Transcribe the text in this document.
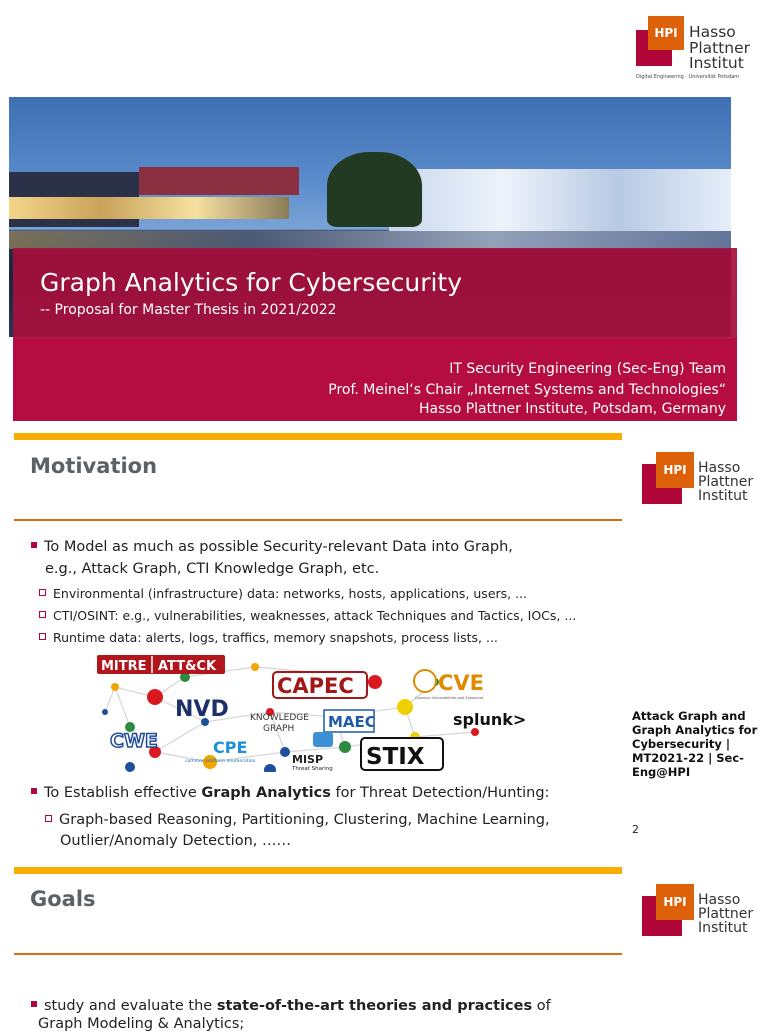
HPI Hasso
Plattner
Institut
Digital Engineering · Universität Potsdam
Graph Analytics for Cybersecurity
-- Proposal for Master Thesis in 2021/2022
IT Security Engineering (Sec-Eng) Team
Prof. Meinel‘s Chair „Internet Systems and Technologies“
Hasso Plattner Institute, Potsdam, Germany
Motivation	HPI Hasso
Plattner
Institut
To Model as much as possible Security-relevant Data into Graph,
e.g., Attack Graph, CTI Knowledge Graph, etc.
Environmental (infrastructure) data: networks, hosts, applications, users, ...
CTI/OSINT: e.g., vulnerabilities, weaknesses, attack Techniques and Tactics, IOCs, ...
Runtime data: alerts, logs, traffics, memory snapshots, process lists, ...
MITRE ATT&CK
CAPEC	CVE
Common Vulnerabilities and Exposures
NVD KNOWLEDGE
GRAPH MAEC	splunk>
CWE	CPE
common platform enumeration	MISP
Threat Sharing STIX
To Establish effective Graph Analytics for Threat Detection/Hunting:
Graph-based Reasoning, Partitioning, Clustering, Machine Learning,
Outlier/Anomaly Detection, ……
Attack Graph and Graph Analytics for Cybersecurity | MT2021-22 | Sec-Eng@HPI
2
Goals	HPI Hasso
Plattner
Institut
study and evaluate the state-of-the-art theories and practices of
Graph Modeling & Analytics;
